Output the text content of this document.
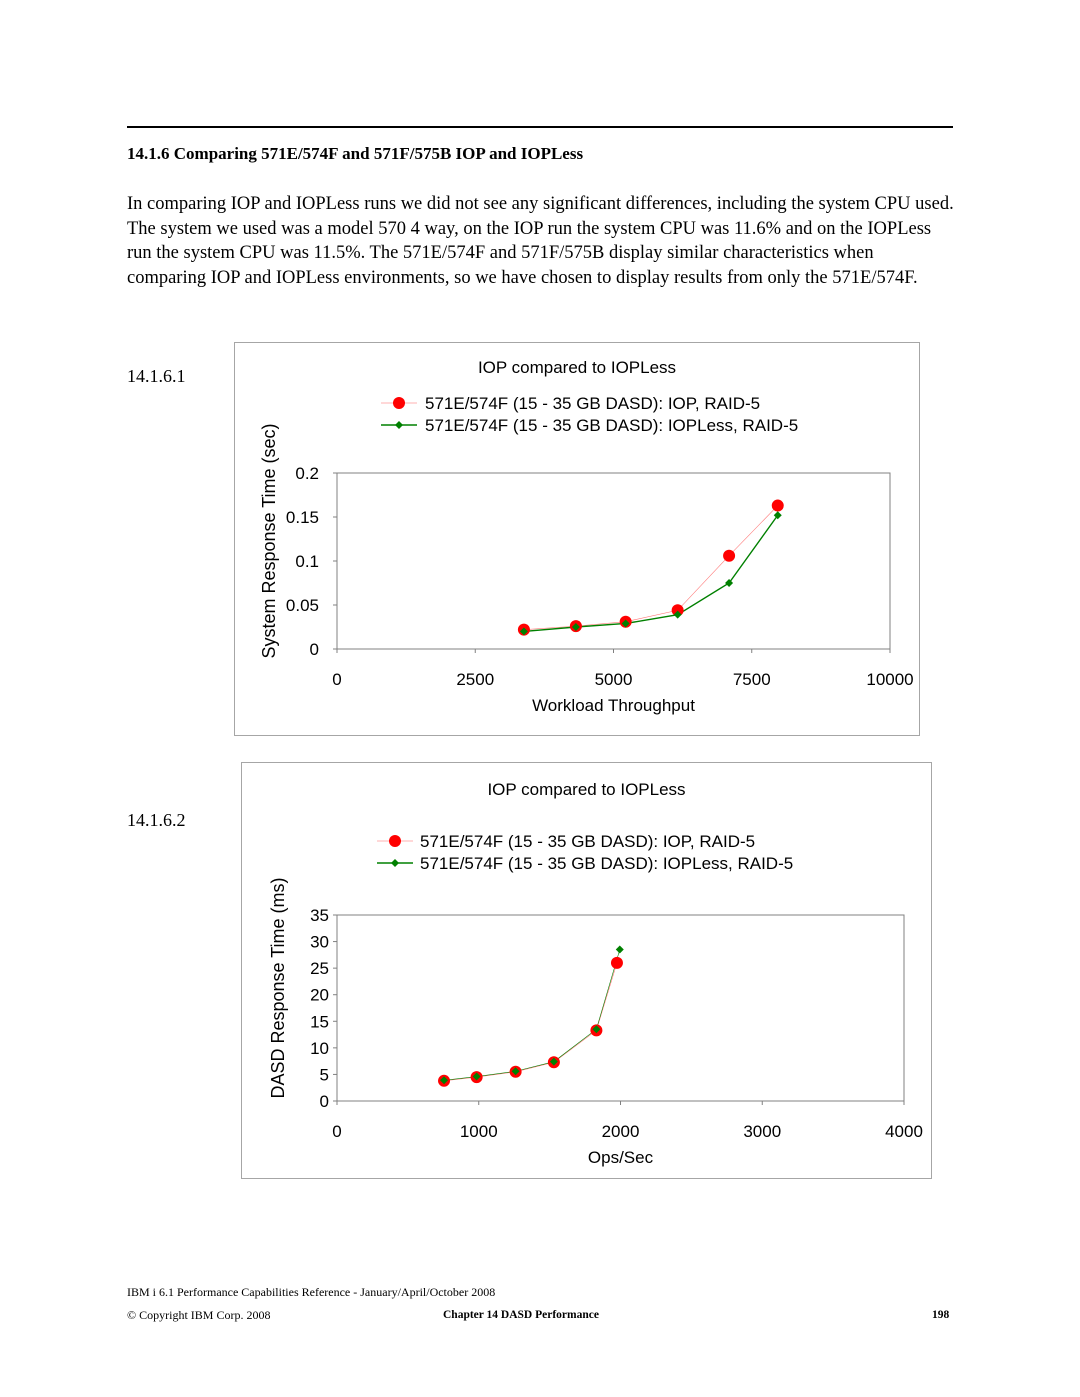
14.1.6 Comparing 571E/574F and 571F/575B IOP and IOPLess
In comparing IOP and IOPLess runs we did not see any significant differences, including the system CPU used. The system we used was a model 570 4 way, on the IOP run the system CPU was 11.6% and on the IOPLess run the system CPU was 11.5%. The 571E/574F and 571F/575B display similar characteristics when comparing IOP and IOPLess environments, so we have chosen to display results from only the 571E/574F.
14.1.6.1
14.1.6.2
IOP compared to IOPLess
571E/574F (15 - 35 GB DASD): IOP, RAID-5
571E/574F (15 - 35 GB DASD): IOPLess, RAID-5
0
0.05
0.1
0.15
0.2
0	2500	5000	7500	10000
Workload Throughput
System Response Time (sec)
IOP compared to IOPLess
571E/574F (15 - 35 GB DASD): IOP, RAID-5
571E/574F (15 - 35 GB DASD): IOPLess, RAID-5
0
5
10
15
20
25
30
35
0	1000	2000	3000	4000
Ops/Sec
DASD Response Time (ms)
IBM i 6.1 Performance Capabilities Reference - January/April/October 2008
© Copyright IBM Corp. 2008	Chapter 14 DASD Performance	198
